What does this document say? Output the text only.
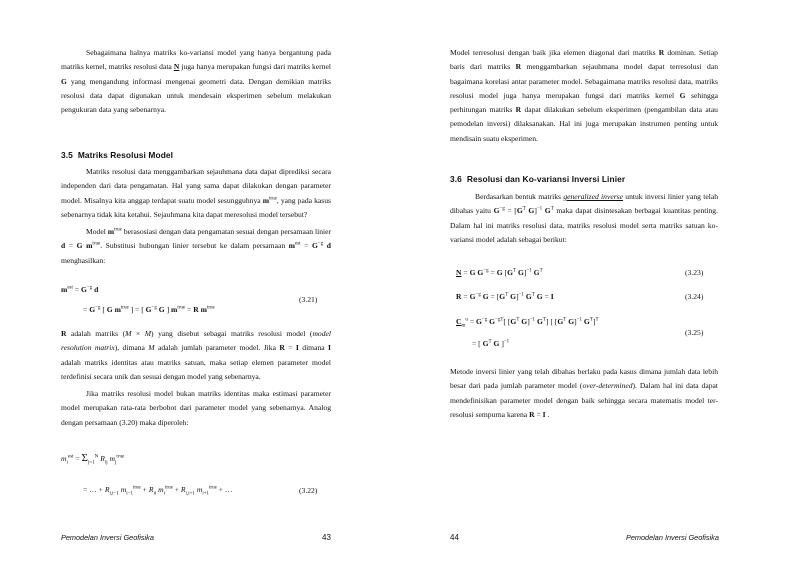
Sebagaimana halnya matriks ko-variansi model yang hanya bergantung pada matriks kernel, matriks resolusi data N juga hanya merupakan fungsi dari matriks kernel G yang mengandung informasi mengenai geometri data. Dengan demikian matriks resolusi data dapat digunakan untuk mendesain eksperimen sebelum melakukan pengukuran data yang sebenarnya.

3.5 Matriks Resolusi Model

Matriks resolusi data menggambarkan sejauhmana data dapat diprediksi secara independen dari data pengamatan. Hal yang sama dapat dilakukan dengan parameter model. Misalnya kita anggap terdapat suatu model sesungguhnya $m^{true}$, yang pada kasus sebenarnya tidak kita ketahui. Sejauhmana kita dapat meresolusi model tersebut?

Model $m^{true}$ berasosiasi dengan data pengamatan sesuai dengan persamaan linier d = G $m^{true}$. Substitusi hubungan linier tersebut ke dalam persamaan $m^{est} = G^{-g}$ d menghasilkan:

$m^{est} = G^{-g}$ d
= $G^{-g}$ [ G $m^{true}$ ] = [ $G^{-g}$ G ] $m^{true} = R$ $m^{true}$
(3.21)

R adalah matriks (M × M) yang disebut sebagai matriks resolusi model (model resolution matrix), dimana M adalah jumlah parameter model. Jika R = I dimana I adalah matriks identitas atau matriks satuan, maka setiap elemen parameter model terdefinisi secara unik dan sesuai dengan model yang sebenarnya.

Jika matriks resolusi model bukan matriks identitas maka estimasi parameter model merupakan rata-rata berbobot dari parameter model yang sebenarnya. Analog dengan persamaan (3.20) maka diperoleh:

$m_i^{est} = \Sigma_{j=1}^N$ $R_{ij}$ $m_j^{true}$
= … + $R_{i,i-1}$ $m_{i-1}^{true} + R_{ii}$ $m_i^{true} + R_{i,i+1}$ $m_{i+1}^{true}$ + …	(3.22)
Pemodelan Inversi Geofisika	43

Model terresolusi dengan baik jika elemen diagonal dari matriks R dominan. Setiap baris dari matriks R menggambarkan sejauhmana model dapat terresolusi dan bagaimana korelasi antar parameter model. Sebagaimana matriks resolusi data, matriks resolusi model juga hanya merupakan fungsi dari matriks kernel G sehingga perhitungan matriks R dapat dilakukan sebelum eksperimen (pengambilan data atau pemodelan inversi) dilaksanakan. Hal ini juga merupakan instrumen penting untuk mendisain suatu eksperimen.

3.6 Resolusi dan Ko-variansi Inversi Linier

Berdasarkan bentuk matriks generalized inverse untuk inversi linier yang telah dibahas yaitu $G^{-g} = [G^T$ G]$^{-1}$ $G^T$ maka dapat disintesakan berbagai kuantitas penting. Dalam hal ini matriks resolusi data, matriks resolusi model serta matriks satuan ko-variansi model adalah sebagai berikut:

N = G $G^{-g} = G$ [$G^T$ G]$^{-1}$ $G^T$	(3.23)
$R = G^{-g}$ $G = [G^T$ G]$^{-1}$ $G^T$ G = I	(3.24)
$C_m^u = G^{-g}$ $G^{-gT}$[ [$G^T$ G]$^{-1}$ $G^T$] [ [$G^T$ G]$^{-1}$ $G^T]^T$
= [ $G^T$ G ]$^{-1}$
(3.25)

Metode inversi linier yang telah dibahas berlaku pada kasus dimana jumlah data lebih besar dari pada jumlah parameter model (over-determined). Dalam hal ini data dapat mendefinisikan parameter model dengan baik sehingga secara matematis model ter-resolusi sempurna karena R = I .

44	Pemodelan Inversi Geofisika
